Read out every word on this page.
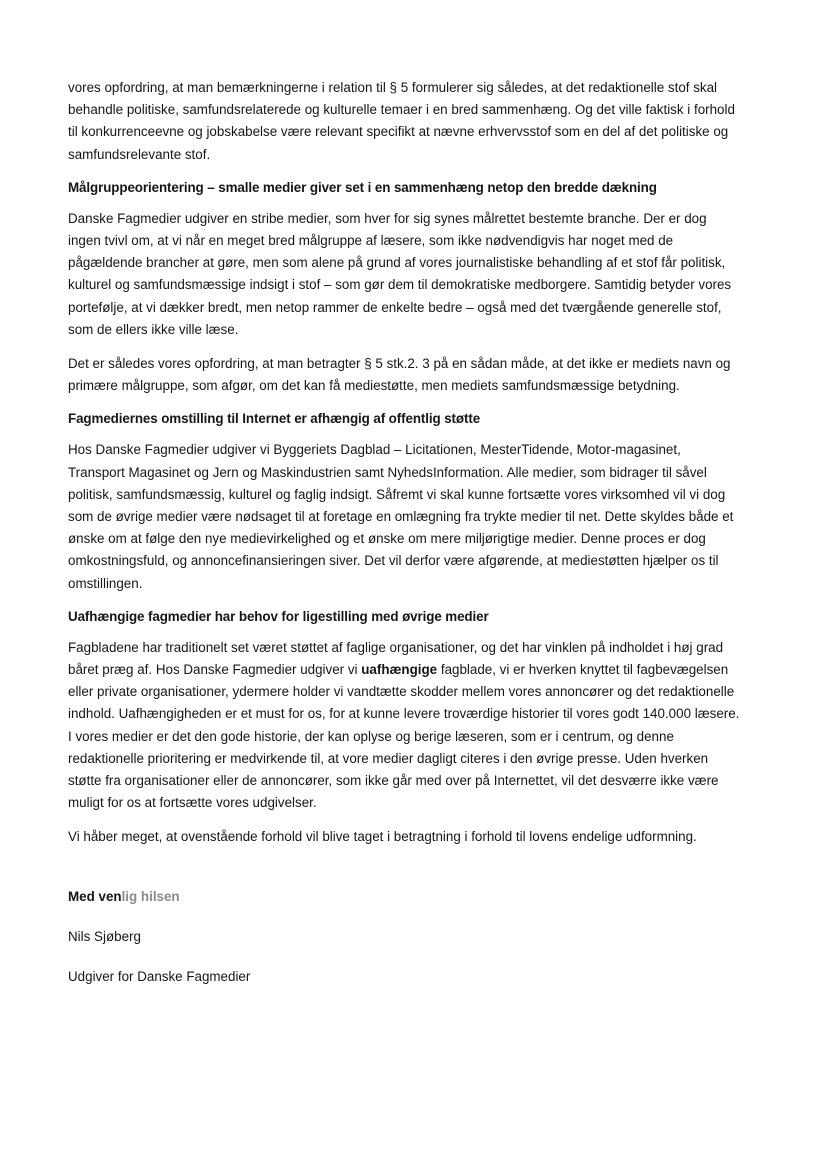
vores opfordring, at man bemærkningerne i relation til § 5 formulerer sig således, at det redaktionelle stof skal behandle politiske, samfundsrelaterede og kulturelle temaer i en bred sammenhæng. Og det ville faktisk i forhold til konkurrenceevne og jobskabelse være relevant specifikt at nævne erhvervsstof som en del af det politiske og samfundsrelevante stof.

Målgruppeorientering – smalle medier giver set i en sammenhæng netop den bredde dækning

Danske Fagmedier udgiver en stribe medier, som hver for sig synes målrettet bestemte branche. Der er dog ingen tvivl om, at vi når en meget bred målgruppe af læsere, som ikke nødvendigvis har noget med de pågældende brancher at gøre, men som alene på grund af vores journalistiske behandling af et stof får politisk, kulturel og samfundsmæssige indsigt i stof – som gør dem til demokratiske medborgere. Samtidig betyder vores portefølje, at vi dækker bredt, men netop rammer de enkelte bedre – også med det tværgående generelle stof, som de ellers ikke ville læse.

Det er således vores opfordring, at man betragter § 5 stk.2. 3 på en sådan måde, at det ikke er mediets navn og primære målgruppe, som afgør, om det kan få mediestøtte, men mediets samfundsmæssige betydning.

Fagmediernes omstilling til Internet er afhængig af offentlig støtte

Hos Danske Fagmedier udgiver vi Byggeriets Dagblad – Licitationen, MesterTidende, Motor-magasinet, Transport Magasinet og Jern og Maskindustrien samt NyhedsInformation. Alle medier, som bidrager til såvel politisk, samfundsmæssig, kulturel og faglig indsigt. Såfremt vi skal kunne fortsætte vores virksomhed vil vi dog som de øvrige medier være nødsaget til at foretage en omlægning fra trykte medier til net. Dette skyldes både et ønske om at følge den nye medievirkelighed og et ønske om mere miljørigtige medier. Denne proces er dog omkostningsfuld, og annoncefinansieringen siver. Det vil derfor være afgørende, at mediestøtten hjælper os til omstillingen.

Uafhængige fagmedier har behov for ligestilling med øvrige medier

Fagbladene har traditionelt set været støttet af faglige organisationer, og det har vinklen på indholdet i høj grad båret præg af. Hos Danske Fagmedier udgiver vi uafhængige fagblade, vi er hverken knyttet til fagbevægelsen eller private organisationer, ydermere holder vi vandtætte skodder mellem vores annoncører og det redaktionelle indhold. Uafhængigheden er et must for os, for at kunne levere troværdige historier til vores godt 140.000 læsere. I vores medier er det den gode historie, der kan oplyse og berige læseren, som er i centrum, og denne redaktionelle prioritering er medvirkende til, at vore medier dagligt citeres i den øvrige presse. Uden hverken støtte fra organisationer eller de annoncører, som ikke går med over på Internettet, vil det desværre ikke være muligt for os at fortsætte vores udgivelser.

Vi håber meget, at ovenstående forhold vil blive taget i betragtning i forhold til lovens endelige udformning.

Med venlig hilsen

Nils Sjøberg

Udgiver for Danske Fagmedier
